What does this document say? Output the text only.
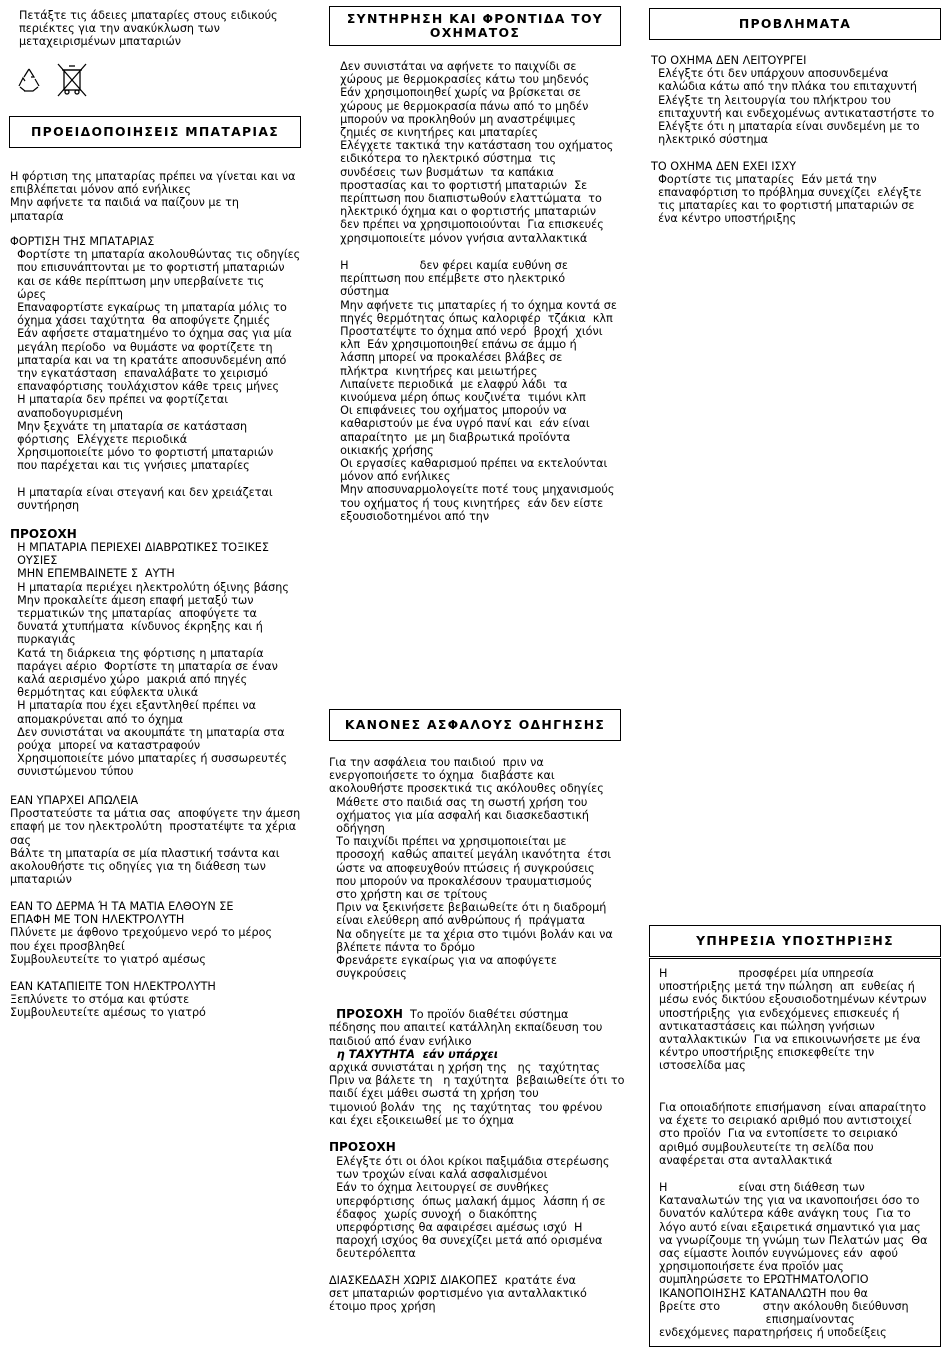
Πετάξτε τις άδειες μπαταρίες στους ειδικούς
περιέκτες για την ανακύκλωση των
μεταχειρισμένων μπαταριών
ΠΡΟΕΙΔΟΠΟΙΗΣΕΙΣ ΜΠΑΤΑΡΙΑΣ
Η φόρτιση της μπαταρίας πρέπει να γίνεται και να
επιβλέπεται μόνον από ενήλικες
Μην αφήνετε τα παιδιά να παίζουν με τη
μπαταρία
ΦΟΡΤΙΣΗ ΤΗΣ ΜΠΑΤΑΡΙΑΣ
Φορτίστε τη μπαταρία ακολουθώντας τις οδηγίες
που επισυνάπτονται με το φορτιστή μπαταριών
και σε κάθε περίπτωση μην υπερβαίνετε τις
ώρες
Επαναφορτίστε εγκαίρως τη μπαταρία μόλις το
όχημα χάσει ταχύτητα  θα αποφύγετε ζημιές
Εάν αφήσετε σταματημένο το όχημα σας για μία
μεγάλη περίοδο  να θυμάστε να φορτίζετε τη
μπαταρία και να τη κρατάτε αποσυνδεμένη από
την εγκατάσταση  επαναλάβατε το χειρισμό
επαναφόρτισης τουλάχιστον κάθε τρεις μήνες
Η μπαταρία δεν πρέπει να φορτίζεται
αναποδογυρισμένη
Μην ξεχνάτε τη μπαταρία σε κατάσταση
φόρτισης  Ελέγχετε περιοδικά
Χρησιμοποιείτε μόνο το φορτιστή μπαταριών
που παρέχεται και τις γνήσιες μπαταρίες

Η μπαταρία είναι στεγανή και δεν χρειάζεται
συντήρηση
ΠΡΟΣΟΧΗ
Η ΜΠΑΤΑΡΙΑ ΠΕΡΙΕΧΕΙ ΔΙΑΒΡΩΤΙΚΕΣ ΤΟΞΙΚΕΣ
ΟΥΣΙΕΣ
ΜΗΝ ΕΠΕΜΒΑΙΝΕΤΕ Σ  ΑΥΤΗ
Η μπαταρία περιέχει ηλεκτρολύτη όξινης βάσης
Μην προκαλείτε άμεση επαφή μεταξύ των
τερματικών της μπαταρίας  αποφύγετε τα
δυνατά χτυπήματα  κίνδυνος έκρηξης και ή
πυρκαγιάς
Κατά τη διάρκεια της φόρτισης η μπαταρία
παράγει αέριο  Φορτίστε τη μπαταρία σε έναν
καλά αερισμένο χώρο  μακριά από πηγές
θερμότητας και εύφλεκτα υλικά
Η μπαταρία που έχει εξαντληθεί πρέπει να
απομακρύνεται από το όχημα
Δεν συνιστάται να ακουμπάτε τη μπαταρία στα
ρούχα  μπορεί να καταστραφούν
Χρησιμοποιείτε μόνο μπαταρίες ή συσσωρευτές
συνιστώμενου τύπου
ΕΑΝ ΥΠΑΡΧΕΙ ΑΠΩΛΕΙΑ
Προστατεύστε τα μάτια σας  αποφύγετε την άμεση
επαφή με τον ηλεκτρολύτη  προστατέψτε τα χέρια
σας
Βάλτε τη μπαταρία σε μία πλαστική τσάντα και
ακολουθήστε τις οδηγίες για τη διάθεση των
μπαταριών
ΕΑΝ ΤΟ ΔΕΡΜΑ Ή ΤΑ ΜΑΤΙΑ ΕΛΘΟΥΝ ΣΕ
ΕΠΑΦΗ ΜΕ ΤΟΝ ΗΛΕΚΤΡΟΛΥΤΗ
Πλύνετε με άφθονο τρεχούμενο νερό το μέρος
που έχει προσβληθεί
Συμβουλευτείτε το γιατρό αμέσως
ΕΑΝ ΚΑΤΑΠΙΕΙΤΕ ΤΟΝ ΗΛΕΚΤΡΟΛΥΤΗ
Ξεπλύνετε το στόμα και φτύστε
Συμβουλευτείτε αμέσως το γιατρό
ΣΥΝΤΗΡΗΣΗ ΚΑΙ ΦΡΟΝΤΙΔΑ ΤΟΥ
ΟΧΗΜΑΤΟΣ
Δεν συνιστάται να αφήνετε το παιχνίδι σε
χώρους με θερμοκρασίες κάτω του μηδενός
Εάν χρησιμοποιηθεί χωρίς να βρίσκεται σε
χώρους με θερμοκρασία πάνω από το μηδέν
μπορούν να προκληθούν μη αναστρέψιμες
ζημιές σε κινητήρες και μπαταρίες
Ελέγχετε τακτικά την κατάσταση του οχήματος
ειδικότερα το ηλεκτρικό σύστημα  τις
συνδέσεις των βυσμάτων  τα καπάκια
προστασίας και το φορτιστή μπαταριών  Σε
περίπτωση που διαπιστωθούν ελαττώματα  το
ηλεκτρικό όχημα και ο φορτιστής μπαταριών
δεν πρέπει να χρησιμοποιούνται  Για επισκευές
χρησιμοποιείτε μόνον γνήσια ανταλλακτικά
Η                    δεν φέρει καμία ευθύνη σε
περίπτωση που επέμβετε στο ηλεκτρικό
σύστημα
Μην αφήνετε τις μπαταρίες ή το όχημα κοντά σε
πηγές θερμότητας όπως καλοριφέρ  τζάκια  κλπ
Προστατέψτε το όχημα από νερό  βροχή  χιόνι
κλπ  Εάν χρησιμοποιηθεί επάνω σε άμμο ή
λάσπη μπορεί να προκαλέσει βλάβες σε
πλήκτρα  κινητήρες και μειωτήρες
Λιπαίνετε περιοδικά  με ελαφρύ λάδι  τα
κινούμενα μέρη όπως κουζινέτα  τιμόνι κλπ
Οι επιφάνειες του οχήματος μπορούν να
καθαριστούν με ένα υγρό πανί και  εάν είναι
απαραίτητο  με μη διαβρωτικά προϊόντα
οικιακής χρήσης
Οι εργασίες καθαρισμού πρέπει να εκτελούνται
μόνον από ενήλικες
Μην αποσυναρμολογείτε ποτέ τους μηχανισμούς
του οχήματος ή τους κινητήρες  εάν δεν είστε
εξουσιοδοτημένοι από την
ΚΑΝΟΝΕΣ ΑΣΦΑΛΟΥΣ ΟΔΗΓΗΣΗΣ
Για την ασφάλεια του παιδιού  πριν να
ενεργοποιήσετε το όχημα  διαβάστε και
ακολουθήστε προσεκτικά τις ακόλουθες οδηγίες
Μάθετε στο παιδιά σας τη σωστή χρήση του
οχήματος για μία ασφαλή και διασκεδαστική
οδήγηση
Το παιχνίδι πρέπει να χρησιμοποιείται με
προσοχή  καθώς απαιτεί μεγάλη ικανότητα  έτσι
ώστε να αποφευχθούν πτώσεις ή συγκρούσεις
που μπορούν να προκαλέσουν τραυματισμούς
στο χρήστη και σε τρίτους
Πριν να ξεκινήσετε βεβαιωθείτε ότι η διαδρομή
είναι ελεύθερη από ανθρώπους ή  πράγματα
Να οδηγείτε με τα χέρια στο τιμόνι βολάν και να
βλέπετε πάντα το δρόμο
Φρενάρετε εγκαίρως για να αποφύγετε
συγκρούσεις

ΠΡΟΣΟΧΗ  Το προϊόν διαθέτει σύστημα
πέδησης που απαιτεί κατάλληλη εκπαίδευση του
παιδιού από έναν ενήλικο

η ΤΑΧΥΤΗΤΑ  εάν υπάρχει
αρχικά συνιστάται η χρήση της   ης  ταχύτητας
Πριν να βάλετε τη   η ταχύτητα  βεβαιωθείτε ότι το
παιδί έχει μάθει σωστά τη χρήση του
τιμονιού βολάν  της   ης ταχύτητας  του φρένου
και έχει εξοικειωθεί με το όχημα
ΠΡΟΣΟΧΗ
Ελέγξτε ότι οι όλοι κρίκοι παξιμάδια στερέωσης
των τροχών είναι καλά ασφαλισμένοι
Εάν το όχημα λειτουργεί σε συνθήκες
υπερφόρτισης  όπως μαλακή άμμος  λάσπη ή σε
έδαφος  χωρίς συνοχή  ο διακόπτης
υπερφόρτισης θα αφαιρέσει αμέσως ισχύ  Η
παροχή ισχύος θα συνεχίζει μετά από ορισμένα
δευτερόλεπτα
ΔΙΑΣΚΕΔΑΣΗ ΧΩΡΙΣ ΔΙΑΚΟΠΕΣ  κρατάτε ένα
σετ μπαταριών φορτισμένο για ανταλλακτικό
έτοιμο προς χρήση
ΠΡΟΒΛΗΜΑΤΑ
ΤΟ ΟΧΗΜΑ ΔΕΝ ΛΕΙΤΟΥΡΓΕΙ
Ελέγξτε ότι δεν υπάρχουν αποσυνδεμένα
καλώδια κάτω από την πλάκα του επιταχυντή
Ελέγξτε τη λειτουργία του πλήκτρου του
επιταχυντή και ενδεχομένως αντικαταστήστε το
Ελέγξτε ότι η μπαταρία είναι συνδεμένη με το
ηλεκτρικό σύστημα

ΤΟ ΟΧΗΜΑ ΔΕΝ ΕΧΕΙ ΙΣΧΥ
Φορτίστε τις μπαταρίες  Εάν μετά την
επαναφόρτιση το πρόβλημα συνεχίζει  ελέγξτε
τις μπαταρίες και το φορτιστή μπαταριών σε
ένα κέντρο υποστήριξης
ΥΠΗΡΕΣΙΑ ΥΠΟΣΤΗΡΙΞΗΣ
Η                    προσφέρει μία υπηρεσία
υποστήριξης μετά την πώληση  απ  ευθείας ή
μέσω ενός δικτύου εξουσιοδοτημένων κέντρων
υποστήριξης  για ενδεχόμενες επισκευές ή
αντικαταστάσεις και πώληση γνήσιων
ανταλλακτικών  Για να επικοινωνήσετε με ένα
κέντρο υποστήριξης επισκεφθείτε την
ιστοσελίδα μας
Για οποιαδήποτε επισήμανση  είναι απαραίτητο
να έχετε το σειριακό αριθμό που αντιστοιχεί
στο προϊόν  Για να εντοπίσετε το σειριακό
αριθμό συμβουλευτείτε τη σελίδα που
αναφέρεται στα ανταλλακτικά
Η                    είναι στη διάθεση των
Καταναλωτών της για να ικανοποιήσει όσο το
δυνατόν καλύτερα κάθε ανάγκη τους  Για το
λόγο αυτό είναι εξαιρετικά σημαντικό για μας
να γνωρίζουμε τη γνώμη των Πελατών μας  Θα
σας είμαστε λοιπόν ευγνώμονες εάν  αφού
χρησιμοποιήσετε ένα προϊόν μας
συμπληρώσετε το ΕΡΩΤΗΜΑΤΟΛΟΓΙΟ
ΙΚΑΝΟΠΟΙΗΣΗΣ ΚΑΤΑΝΑΛΩΤΗ που θα
βρείτε στο            στην ακόλουθη διεύθυνση
επισημαίνοντας
ενδεχόμενες παρατηρήσεις ή υποδείξεις
